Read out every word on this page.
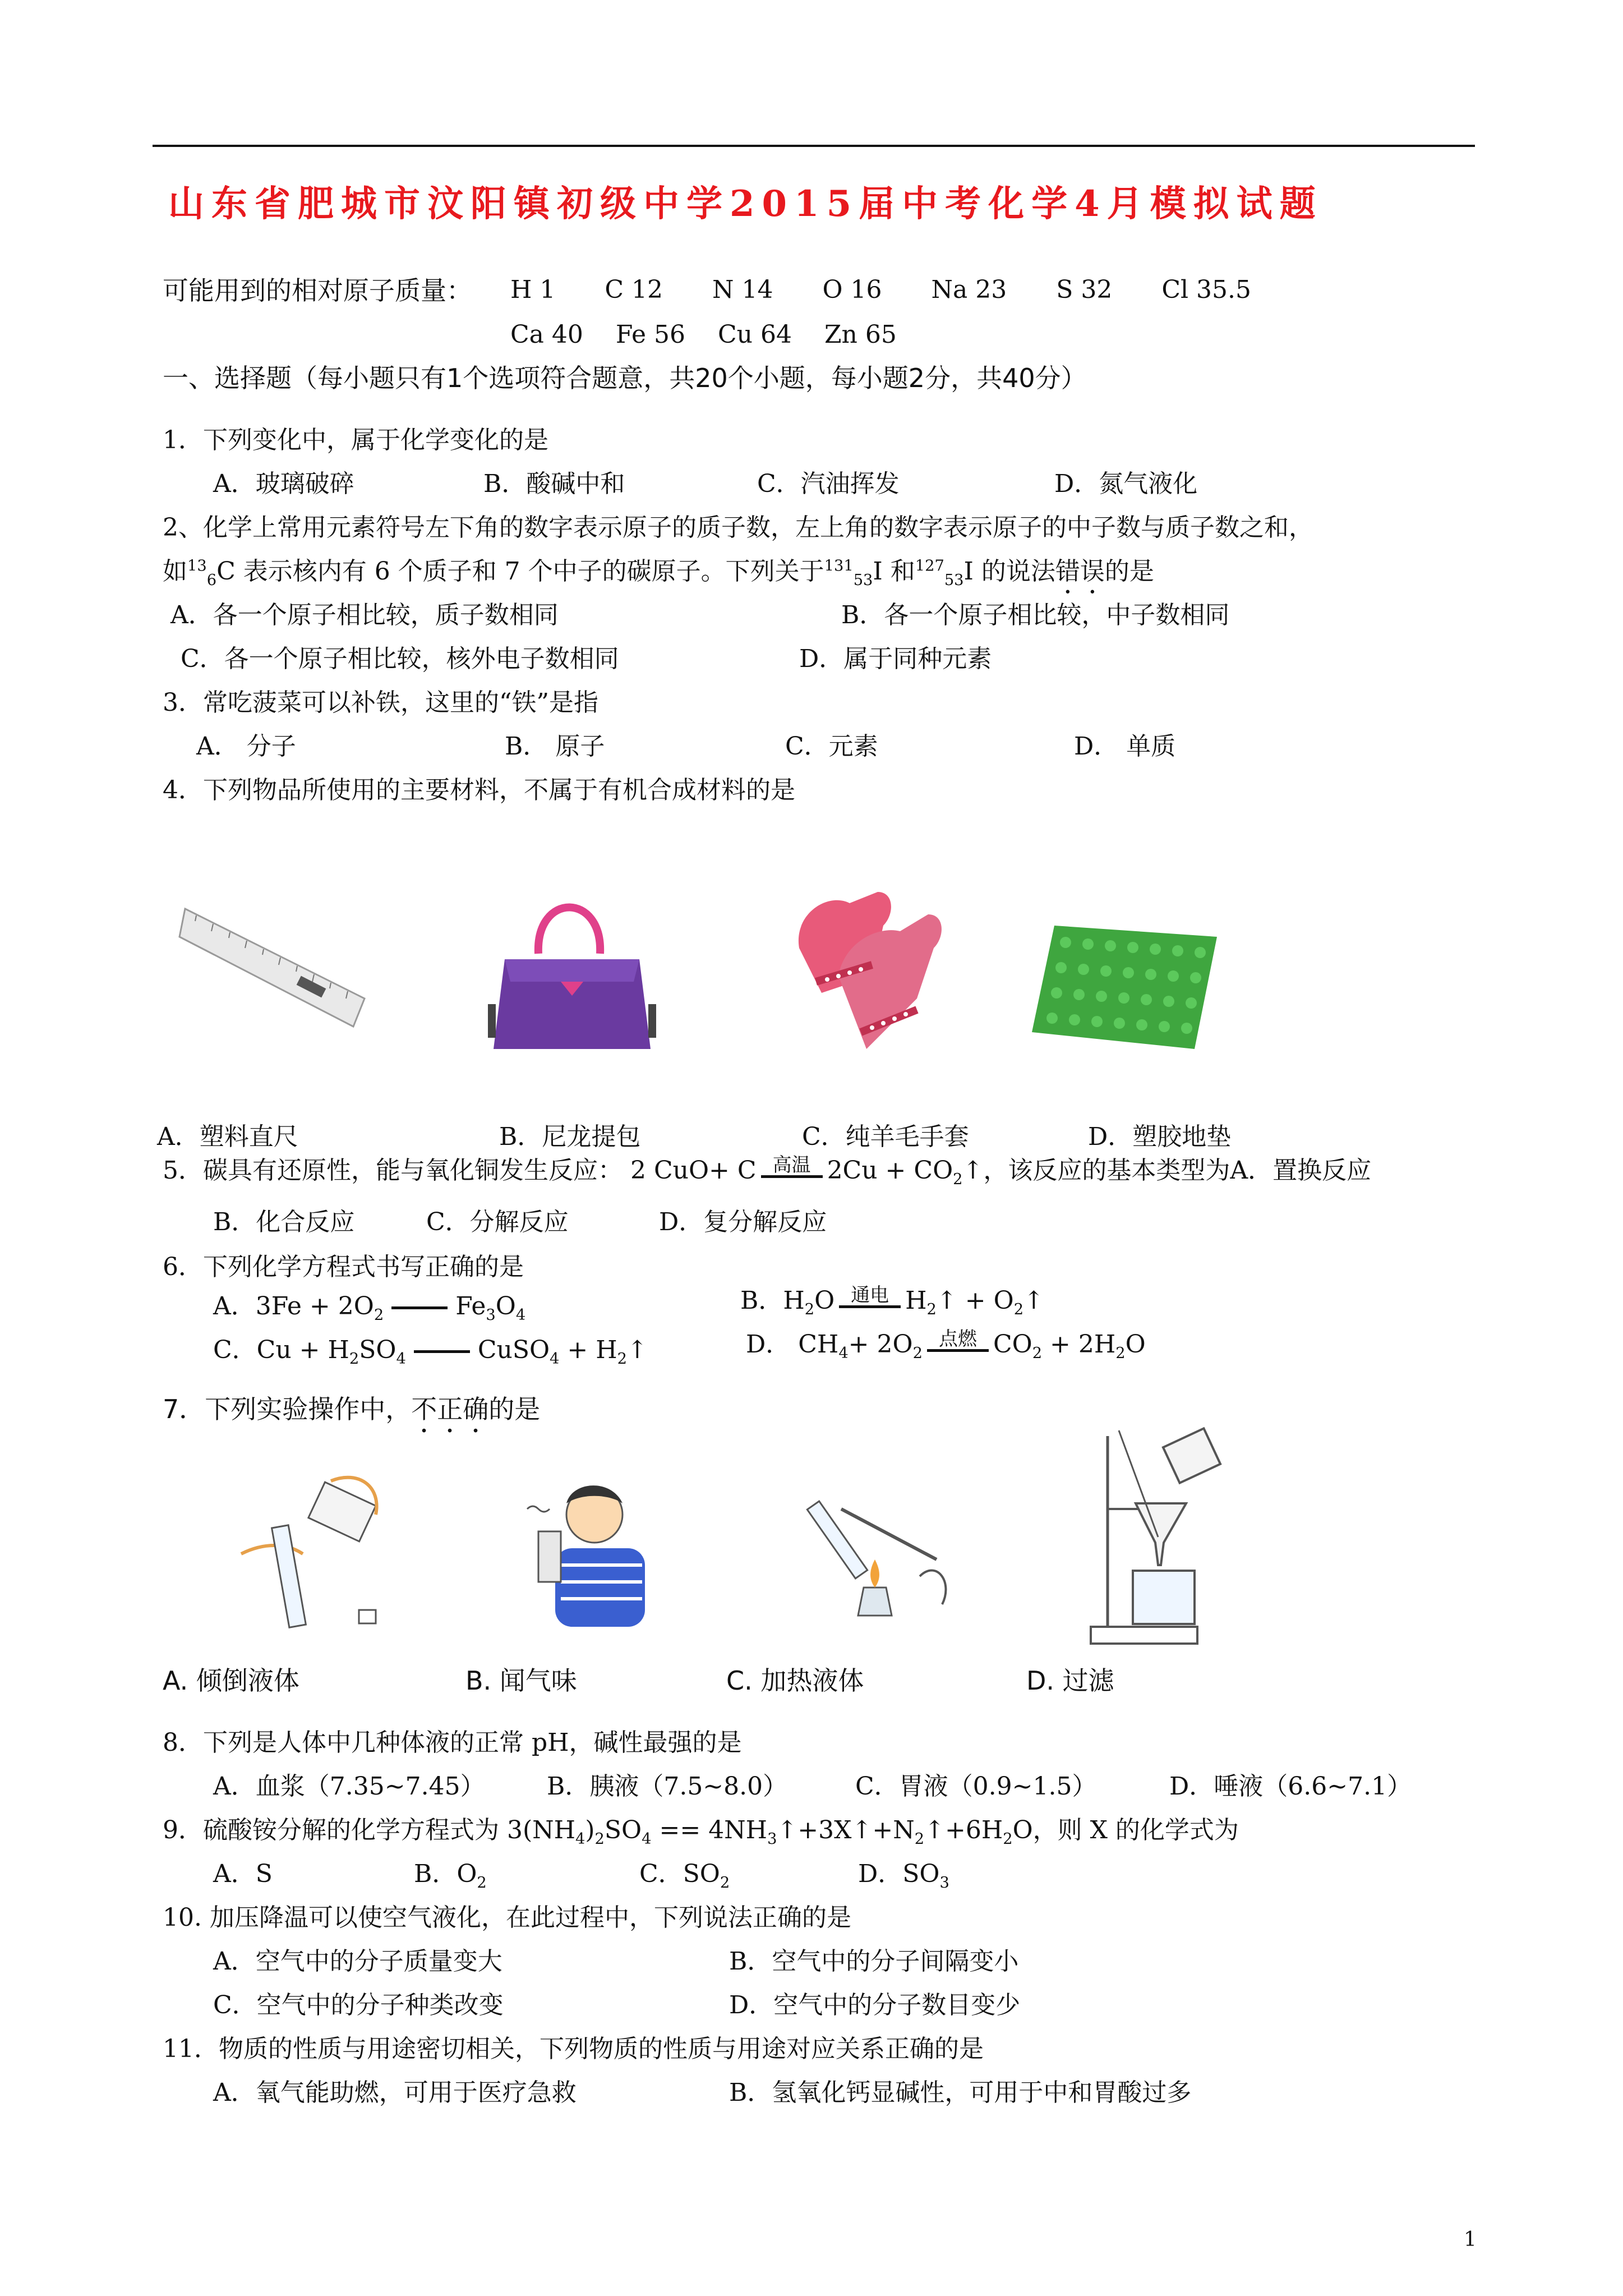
山东省肥城市汶阳镇初级中学2015届中考化学4月模拟试题
可能用到的相对原子质量： H 1　　C 12　　N 14　　O 16　　Na 23　　S 32　　Cl 35.5
Ca 40　 Fe 56　 Cu 64　 Zn 65
一、选择题（每小题只有1个选项符合题意，共20个小题，每小题2分，共40分）
1．下列变化中，属于化学变化的是
A．玻璃破碎	B．酸碱中和	C．汽油挥发	D．氮气液化
2、化学上常用元素符号左下角的数字表示原子的质子数，左上角的数字表示原子的中子数与质子数之和，
如$^{13}_6$C 表示核内有 6 个质子和 7 个中子的碳原子。下列关于$^{131}_{53}$I 和$^{127}_{53}$I 的说法错误的是
A．各一个原子相比较，质子数相同	B．各一个原子相比较，中子数相同
C．各一个原子相比较，核外电子数相同	D．属于同种元素
3．常吃菠菜可以补铁，这里的“铁”是指
A． 分子	B． 原子	C．元素	D． 单质
4．下列物品所使用的主要材料，不属于有机合成材料的是
A．塑料直尺	B．尼龙提包	C．纯羊毛手套	D．塑胶地垫
5．碳具有还原性，能与氧化铜发生反应： 2 CuO+ C 高温 $2Cu + CO_2↑$，该反应的基本类型为A．置换反应
B．化合反应	C．分解反应	D．复分解反应
6．下列化学方程式书写正确的是
A．$3Fe + 2O_2$	$Fe_3O_4$
B．$H_2O$ 通电 $H_2↑$ + $O_2↑$
C．$Cu + H_2SO_4$	CuSO$_4$ + $H_2↑$	D． $CH_4+ 2O_2$
点燃 $CO_2 + 2H_2O$
7．下列实验操作中，不正确的是
A. 倾倒液体	B. 闻气味	C. 加热液体	D. 过滤
8．下列是人体中几种体液的正常 pH，碱性最强的是
A．血浆（7.35~7.45）	B．胰液（7.5~8.0）	C．胃液（0.9~1.5）	D．唾液（6.6~7.1）
9．硫酸铵分解的化学方程式为 $3(NH_4)_2SO_4$ == $4NH_3↑+3X↑+N_2↑+6H_2O$，则 X 的化学式为
A．S	B．$O_2$	C．$SO_2$	D．$SO_3$
10. 加压降温可以使空气液化，在此过程中，下列说法正确的是
A．空气中的分子质量变大	B．空气中的分子间隔变小
C．空气中的分子种类改变	D．空气中的分子数目变少
11．物质的性质与用途密切相关，下列物质的性质与用途对应关系正确的是
A．氧气能助燃，可用于医疗急救	B．氢氧化钙显碱性，可用于中和胃酸过多
1
